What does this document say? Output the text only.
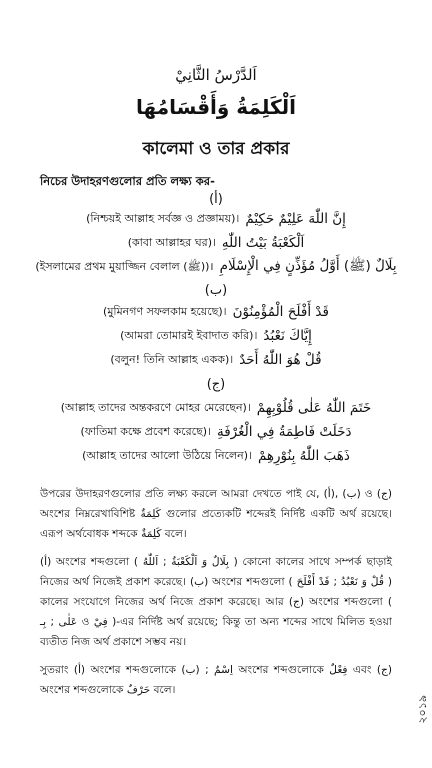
اَلدَّرْسُ الثَّانِيْ
اَلْكَلِمَةُ وَأَقْسَامُهَا
কালেমা ও তার প্রকার
নিচের উদাহরণগুলোর প্রতি লক্ষ্য কর-
(أ)
(নিশ্চয়ই আল্লাহ সর্বজ্ঞ ও প্রজ্ঞাময়)। إِنَّ اللّٰهَ عَلِيْمٌ حَكِيْمٌ
(কাবা আল্লাহর ঘর)। اَلْكَعْبَةُ بَيْتُ اللّٰهِ
(ইসলামের প্রথম মুয়াজ্জিন বেলাল (ﷺ))। بِلَالٌ (ﷺ) أَوَّلُ مُؤَذِّنٍ فِي الْإِسْلَامِ
(ب)
(মুমিনগণ সফলকাম হয়েছে)। قَدْ أَفْلَحَ الْمُؤْمِنُوْنَ
(আমরা তোমারই ইবাদাত করি)। إِيَّاكَ نَعْبُدُ
(বলুন! তিনি আল্লাহ একক)। قُلْ هُوَ اللّٰهُ أَحَدٌ
(ج)
(আল্লাহ তাদের অন্তকরণে মোহর মেরেছেন)। خَتَمَ اللّٰهُ عَلٰى قُلُوْبِهِمْ
(ফাতিমা কক্ষে প্রবেশ করেছে)। دَخَلَتْ فَاطِمَةُ فِي الْغُرْفَةِ
(আল্লাহ তাদের আলো উঠিয়ে নিলেন)। ذَهَبَ اللّٰهُ بِنُوْرِهِمْ
উপরের উদাহরণগুলোর প্রতি লক্ষ্য করলে আমরা দেখতে পাই যে, (أ), (ب) ও (ج) অংশের নিম্নরেখাবিশিষ্ট كَلِمَةٌ গুলোর প্রত্যেকটি শব্দেরই নির্দিষ্ট একটি অর্থ রয়েছে। এরূপ অর্থবোধক শব্দকে كَلِمَةٌ বলে।
(أ) অংশের শব্দগুলো ( بِلَالٌ وَ اَلْكَعْبَةُ ; اَللّٰهُ ) কোনো কালের সাথে সম্পর্ক ছাড়াই নিজের অর্থ নিজেই প্রকাশ করেছে। (ب) অংশের শব্দগুলো ( قُلْ وَ نَعْبُدُ ; قَدْ أَفْلَحَ ) কালের সংযোগে নিজের অর্থ নিজে প্রকাশ করেছে। আর (ج) অংশের শব্দগুলো ( عَلٰى ; بِـ ও فِيْ )-এর নির্দিষ্ট অর্থ রয়েছে; কিন্তু তা অন্য শব্দের সাথে মিলিত হওয়া ব্যতীত নিজ অর্থ প্রকাশে সম্ভব নয়।
সুতরাং (أ) অংশের শব্দগুলোকে اِسْمٌ ; (ب) অংশের শব্দগুলোকে فِعْلٌ এবং (ج) অংশের শব্দগুলোকে حَرْفٌ বলে।
২০১৯
